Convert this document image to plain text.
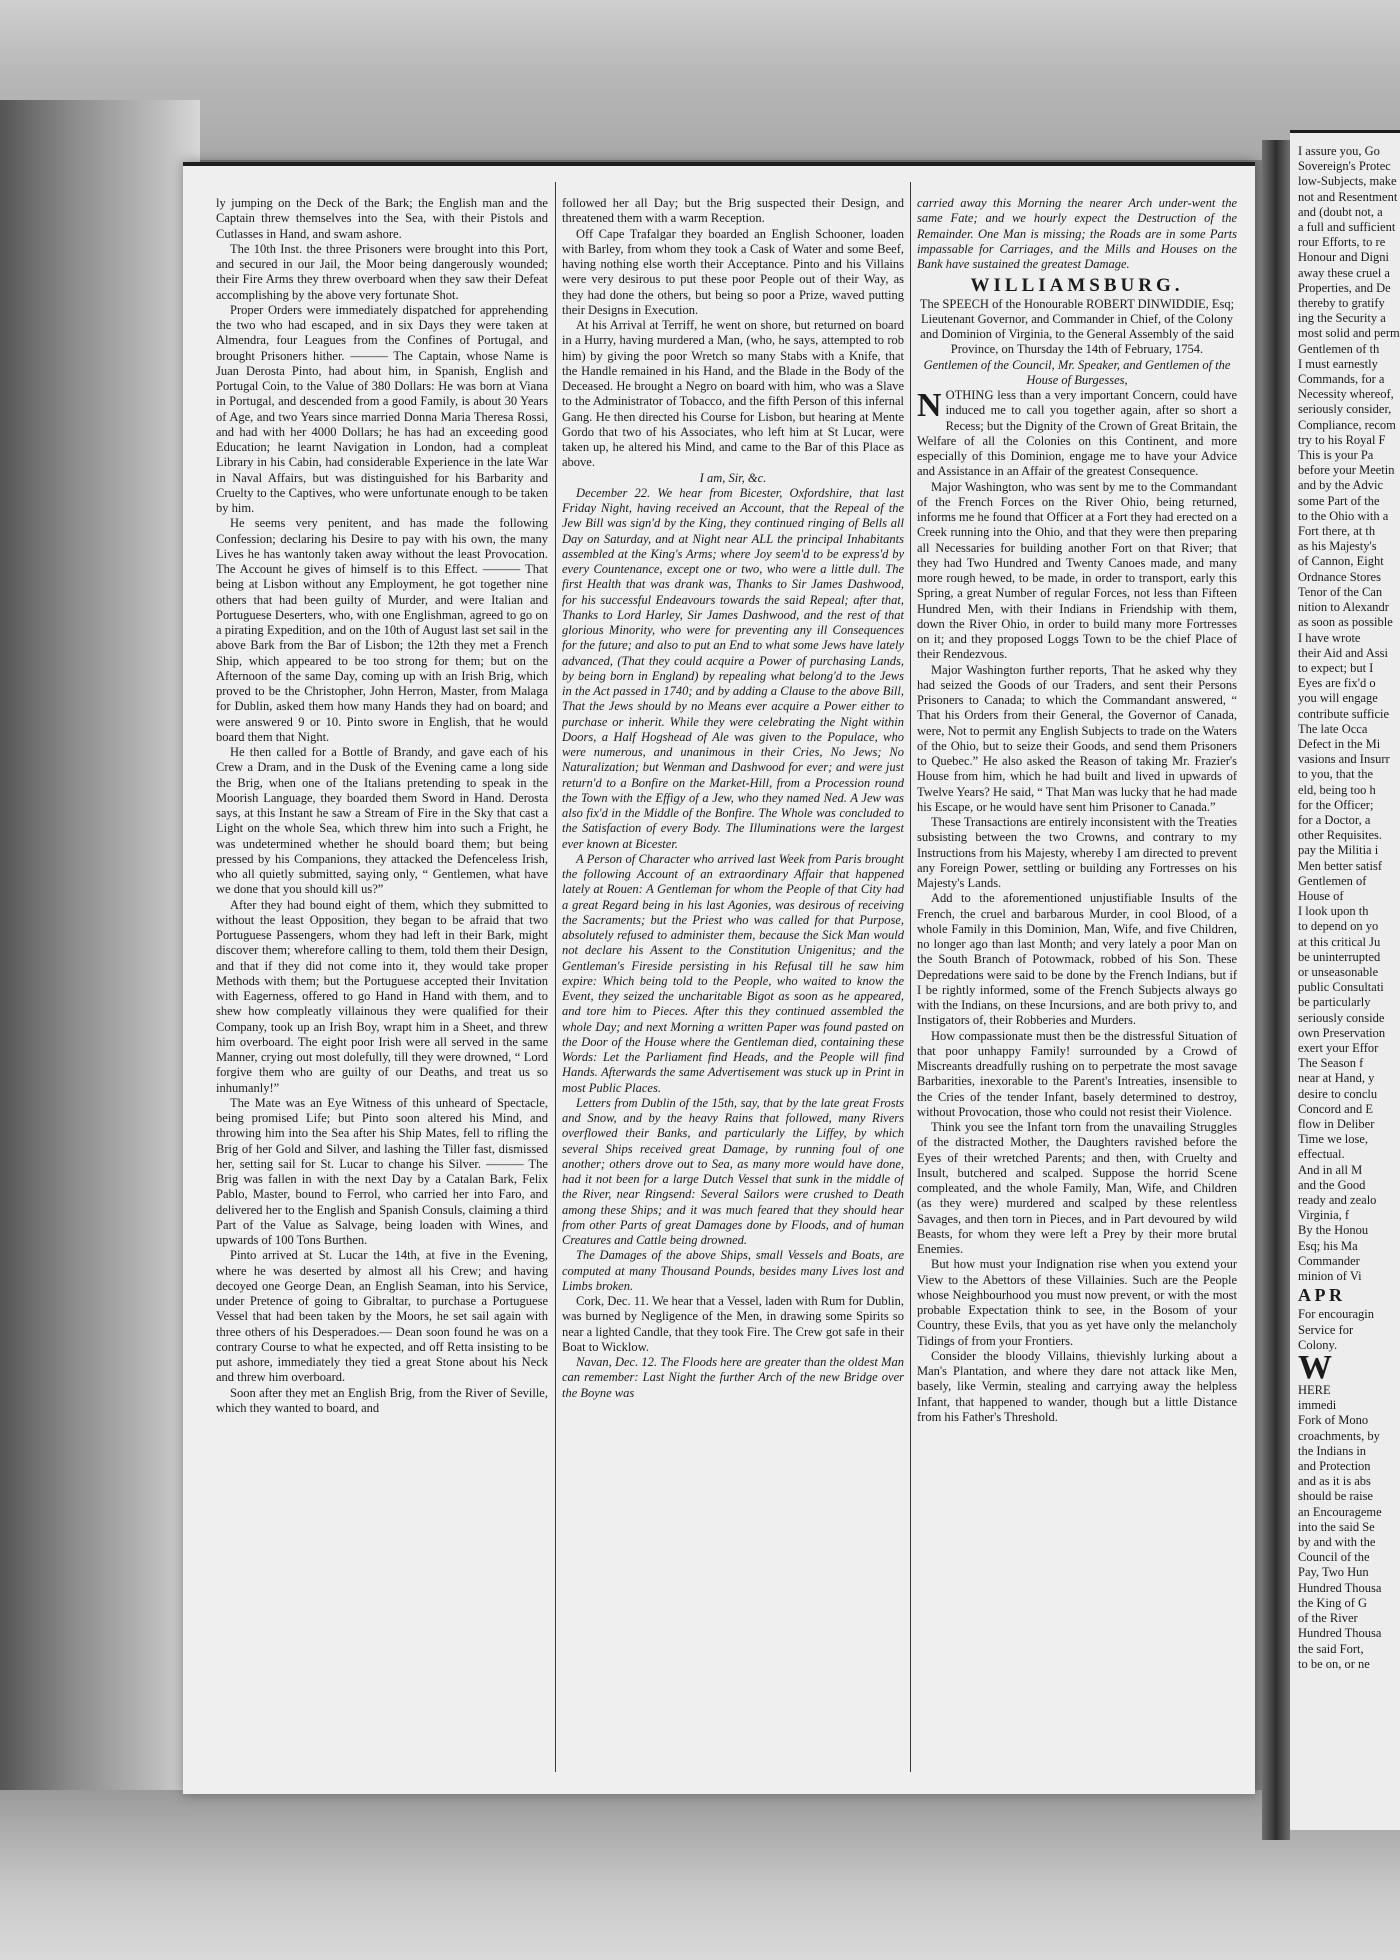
ly jumping on the Deck of the Bark; the English man and the Captain threw themselves into the Sea, with their Pistols and Cutlasses in Hand, and swam ashore.

The 10th Inst. the three Prisoners were brought into this Port, and secured in our Jail, the Moor being dangerously wounded; their Fire Arms they threw overboard when they saw their Defeat accomplishing by the above very fortunate Shot.

Proper Orders were immediately dispatched for apprehending the two who had escaped, and in six Days they were taken at Almendra, four Leagues from the Confines of Portugal, and brought Prisoners hither. ——— The Captain, whose Name is Juan Derosta Pinto, had about him, in Spanish, English and Portugal Coin, to the Value of 380 Dollars: He was born at Viana in Portugal, and descended from a good Family, is about 30 Years of Age, and two Years since married Donna Maria Theresa Rossi, and had with her 4000 Dollars; he has had an exceeding good Education; he learnt Navigation in London, had a compleat Library in his Cabin, had considerable Experience in the late War in Naval Affairs, but was distinguished for his Barbarity and Cruelty to the Captives, who were unfortunate enough to be taken by him.

He seems very penitent, and has made the following Confession; declaring his Desire to pay with his own, the many Lives he has wantonly taken away without the least Provocation. The Account he gives of himself is to this Effect. ——— That being at Lisbon without any Employment, he got together nine others that had been guilty of Murder, and were Italian and Portuguese Deserters, who, with one Englishman, agreed to go on a pirating Expedition, and on the 10th of August last set sail in the above Bark from the Bar of Lisbon; the 12th they met a French Ship, which appeared to be too strong for them; but on the Afternoon of the same Day, coming up with an Irish Brig, which proved to be the Christopher, John Herron, Master, from Malaga for Dublin, asked them how many Hands they had on board; and were answered 9 or 10. Pinto swore in English, that he would board them that Night.

He then called for a Bottle of Brandy, and gave each of his Crew a Dram, and in the Dusk of the Evening came a long side the Brig, when one of the Italians pretending to speak in the Moorish Language, they boarded them Sword in Hand. Derosta says, at this Instant he saw a Stream of Fire in the Sky that cast a Light on the whole Sea, which threw him into such a Fright, he was undetermined whether he should board them; but being pressed by his Companions, they attacked the Defenceless Irish, who all quietly submitted, saying only, “ Gentlemen, what have we done that you should kill us?”

After they had bound eight of them, which they submitted to without the least Opposition, they began to be afraid that two Portuguese Passengers, whom they had left in their Bark, might discover them; wherefore calling to them, told them their Design, and that if they did not come into it, they would take proper Methods with them; but the Portuguese accepted their Invitation with Eagerness, offered to go Hand in Hand with them, and to shew how compleatly villainous they were qualified for their Company, took up an Irish Boy, wrapt him in a Sheet, and threw him overboard. The eight poor Irish were all served in the same Manner, crying out most dolefully, till they were drowned, “ Lord forgive them who are guilty of our Deaths, and treat us so inhumanly!”

The Mate was an Eye Witness of this unheard of Spectacle, being promised Life; but Pinto soon altered his Mind, and throwing him into the Sea after his Ship Mates, fell to rifling the Brig of her Gold and Silver, and lashing the Tiller fast, dismissed her, setting sail for St. Lucar to change his Silver. ——— The Brig was fallen in with the next Day by a Catalan Bark, Felix Pablo, Master, bound to Ferrol, who carried her into Faro, and delivered her to the English and Spanish Consuls, claiming a third Part of the Value as Salvage, being loaden with Wines, and upwards of 100 Tons Burthen.

Pinto arrived at St. Lucar the 14th, at five in the Evening, where he was deserted by almost all his Crew; and having decoyed one George Dean, an English Seaman, into his Service, under Pretence of going to Gibraltar, to purchase a Portuguese Vessel that had been taken by the Moors, he set sail again with three others of his Desperadoes.— Dean soon found he was on a contrary Course to what he expected, and off Retta insisting to be put ashore, immediately they tied a great Stone about his Neck and threw him overboard.

Soon after they met an English Brig, from the River of Seville, which they wanted to board, and

followed her all Day; but the Brig suspected their Design, and threatened them with a warm Reception.

Off Cape Trafalgar they boarded an English Schooner, loaden with Barley, from whom they took a Cask of Water and some Beef, having nothing else worth their Acceptance. Pinto and his Villains were very desirous to put these poor People out of their Way, as they had done the others, but being so poor a Prize, waved putting their Designs in Execution.

At his Arrival at Terriff, he went on shore, but returned on board in a Hurry, having murdered a Man, (who, he says, attempted to rob him) by giving the poor Wretch so many Stabs with a Knife, that the Handle remained in his Hand, and the Blade in the Body of the Deceased. He brought a Negro on board with him, who was a Slave to the Administrator of Tobacco, and the fifth Person of this infernal Gang. He then directed his Course for Lisbon, but hearing at Mente Gordo that two of his Associates, who left him at St Lucar, were taken up, he altered his Mind, and came to the Bar of this Place as above.

I am, Sir, &c.

December 22. We hear from Bicester, Oxfordshire, that last Friday Night, having received an Account, that the Repeal of the Jew Bill was sign'd by the King, they continued ringing of Bells all Day on Saturday, and at Night near ALL the principal Inhabitants assembled at the King's Arms; where Joy seem'd to be express'd by every Countenance, except one or two, who were a little dull. The first Health that was drank was, Thanks to Sir James Dashwood, for his successful Endeavours towards the said Repeal; after that, Thanks to Lord Harley, Sir James Dashwood, and the rest of that glorious Minority, who were for preventing any ill Consequences for the future; and also to put an End to what some Jews have lately advanced, (That they could acquire a Power of purchasing Lands, by being born in England) by repealing what belong'd to the Jews in the Act passed in 1740; and by adding a Clause to the above Bill, That the Jews should by no Means ever acquire a Power either to purchase or inherit. While they were celebrating the Night within Doors, a Half Hogshead of Ale was given to the Populace, who were numerous, and unanimous in their Cries, No Jews; No Naturalization; but Wenman and Dashwood for ever; and were just return'd to a Bonfire on the Market-Hill, from a Procession round the Town with the Effigy of a Jew, who they named Ned. A Jew was also fix'd in the Middle of the Bonfire. The Whole was concluded to the Satisfaction of every Body. The Illuminations were the largest ever known at Bicester.

A Person of Character who arrived last Week from Paris brought the following Account of an extraordinary Affair that happened lately at Rouen: A Gentleman for whom the People of that City had a great Regard being in his last Agonies, was desirous of receiving the Sacraments; but the Priest who was called for that Purpose, absolutely refused to administer them, because the Sick Man would not declare his Assent to the Constitution Unigenitus; and the Gentleman's Fireside persisting in his Refusal till he saw him expire: Which being told to the People, who waited to know the Event, they seized the uncharitable Bigot as soon as he appeared, and tore him to Pieces. After this they continued assembled the whole Day; and next Morning a written Paper was found pasted on the Door of the House where the Gentleman died, containing these Words: Let the Parliament find Heads, and the People will find Hands. Afterwards the same Advertisement was stuck up in Print in most Public Places.

Letters from Dublin of the 15th, say, that by the late great Frosts and Snow, and by the heavy Rains that followed, many Rivers overflowed their Banks, and particularly the Liffey, by which several Ships received great Damage, by running foul of one another; others drove out to Sea, as many more would have done, had it not been for a large Dutch Vessel that sunk in the middle of the River, near Ringsend: Several Sailors were crushed to Death among these Ships; and it was much feared that they should hear from other Parts of great Damages done by Floods, and of human Creatures and Cattle being drowned.

The Damages of the above Ships, small Vessels and Boats, are computed at many Thousand Pounds, besides many Lives lost and Limbs broken.

Cork, Dec. 11. We hear that a Vessel, laden with Rum for Dublin, was burned by Negligence of the Men, in drawing some Spirits so near a lighted Candle, that they took Fire. The Crew got safe in their Boat to Wicklow.

Navan, Dec. 12. The Floods here are greater than the oldest Man can remember: Last Night the further Arch of the new Bridge over the Boyne was

carried away this Morning the nearer Arch under-went the same Fate; and we hourly expect the Destruction of the Remainder. One Man is missing; the Roads are in some Parts impassable for Carriages, and the Mills and Houses on the Bank have sustained the greatest Damage.

WILLIAMSBURG.

The SPEECH of the Honourable ROBERT DINWIDDIE, Esq; Lieutenant Governor, and Commander in Chief, of the Colony and Dominion of Virginia, to the General Assembly of the said Province, on Thursday the 14th of February, 1754.

Gentlemen of the Council, Mr. Speaker, and Gentlemen of the House of Burgesses,

NOTHING less than a very important Concern, could have induced me to call you together again, after so short a Recess; but the Dignity of the Crown of Great Britain, the Welfare of all the Colonies on this Continent, and more especially of this Dominion, engage me to have your Advice and Assistance in an Affair of the greatest Consequence.

Major Washington, who was sent by me to the Commandant of the French Forces on the River Ohio, being returned, informs me he found that Officer at a Fort they had erected on a Creek running into the Ohio, and that they were then preparing all Necessaries for building another Fort on that River; that they had Two Hundred and Twenty Canoes made, and many more rough hewed, to be made, in order to transport, early this Spring, a great Number of regular Forces, not less than Fifteen Hundred Men, with their Indians in Friendship with them, down the River Ohio, in order to build many more Fortresses on it; and they proposed Loggs Town to be the chief Place of their Rendezvous.

Major Washington further reports, That he asked why they had seized the Goods of our Traders, and sent their Persons Prisoners to Canada; to which the Commandant answered, “ That his Orders from their General, the Governor of Canada, were, Not to permit any English Subjects to trade on the Waters of the Ohio, but to seize their Goods, and send them Prisoners to Quebec.” He also asked the Reason of taking Mr. Frazier's House from him, which he had built and lived in upwards of Twelve Years? He said, “ That Man was lucky that he had made his Escape, or he would have sent him Prisoner to Canada.”

These Transactions are entirely inconsistent with the Treaties subsisting between the two Crowns, and contrary to my Instructions from his Majesty, whereby I am directed to prevent any Foreign Power, settling or building any Fortresses on his Majesty's Lands.

Add to the aforementioned unjustifiable Insults of the French, the cruel and barbarous Murder, in cool Blood, of a whole Family in this Dominion, Man, Wife, and five Children, no longer ago than last Month; and very lately a poor Man on the South Branch of Potowmack, robbed of his Son. These Depredations were said to be done by the French Indians, but if I be rightly informed, some of the French Subjects always go with the Indians, on these Incursions, and are both privy to, and Instigators of, their Robberies and Murders.

How compassionate must then be the distressful Situation of that poor unhappy Family! surrounded by a Crowd of Miscreants dreadfully rushing on to perpetrate the most savage Barbarities, inexorable to the Parent's Intreaties, insensible to the Cries of the tender Infant, basely determined to destroy, without Provocation, those who could not resist their Violence.

Think you see the Infant torn from the unavailing Struggles of the distracted Mother, the Daughters ravished before the Eyes of their wretched Parents; and then, with Cruelty and Insult, butchered and scalped. Suppose the horrid Scene compleated, and the whole Family, Man, Wife, and Children (as they were) murdered and scalped by these relentless Savages, and then torn in Pieces, and in Part devoured by wild Beasts, for whom they were left a Prey by their more brutal Enemies.

But how must your Indignation rise when you extend your View to the Abettors of these Villainies. Such are the People whose Neighbourhood you must now prevent, or with the most probable Expectation think to see, in the Bosom of your Country, these Evils, that you as yet have only the melancholy Tidings of from your Frontiers.

Consider the bloody Villains, thievishly lurking about a Man's Plantation, and where they dare not attack like Men, basely, like Vermin, stealing and carrying away the helpless Infant, that happened to wander, though but a little Distance from his Father's Threshold.

I assure you, Go
Sovereign's Protec
low-Subjects, make
not and Resentment
and (doubt not, a
a full and sufficient
rour Efforts, to re
Honour and Digni
away these cruel a
Properties, and De
thereby to gratify
ing the Security a
most solid and perm
Gentlemen of th
I must earnestly
Commands, for a
Necessity whereof,
seriously consider,
Compliance, recom
try to his Royal F
This is your Pa
before your Meetin
and by the Advic
some Part of the
to the Ohio with a
Fort there, at th
as his Majesty's
of Cannon, Eight
Ordnance Stores
Tenor of the Can
nition to Alexandr
as soon as possible
I have wrote
their Aid and Assi
to expect; but I
Eyes are fix'd o
you will engage
contribute sufficie
The late Occa
Defect in the Mi
vasions and Insurr
to you, that the
eld, being too h
for the Officer;
for a Doctor, a
other Requisites.
pay the Militia i
Men better satisf
Gentlemen of
House of
I look upon th
to depend on yo
at this critical Ju
be uninterrupted
or unseasonable
public Consultati
be particularly
seriously conside
own Preservation
exert your Effor
The Season f
near at Hand, y
desire to conclu
Concord and E
flow in Deliber
Time we lose,
effectual.
And in all M
and the Good
ready and zealo
Virginia, f
By the Honou
Esq; his Ma
Commander
minion of Vi
A P R
For encouragin
Service for
Colony.
W
HERE
immedi
Fork of Mono
croachments, by
the Indians in
and Protection
and as it is abs
should be raise
an Encourageme
into the said Se
by and with the
Council of the
Pay, Two Hun
Hundred Thousa
the King of G
of the River
Hundred Thousa
the said Fort,
to be on, or ne
